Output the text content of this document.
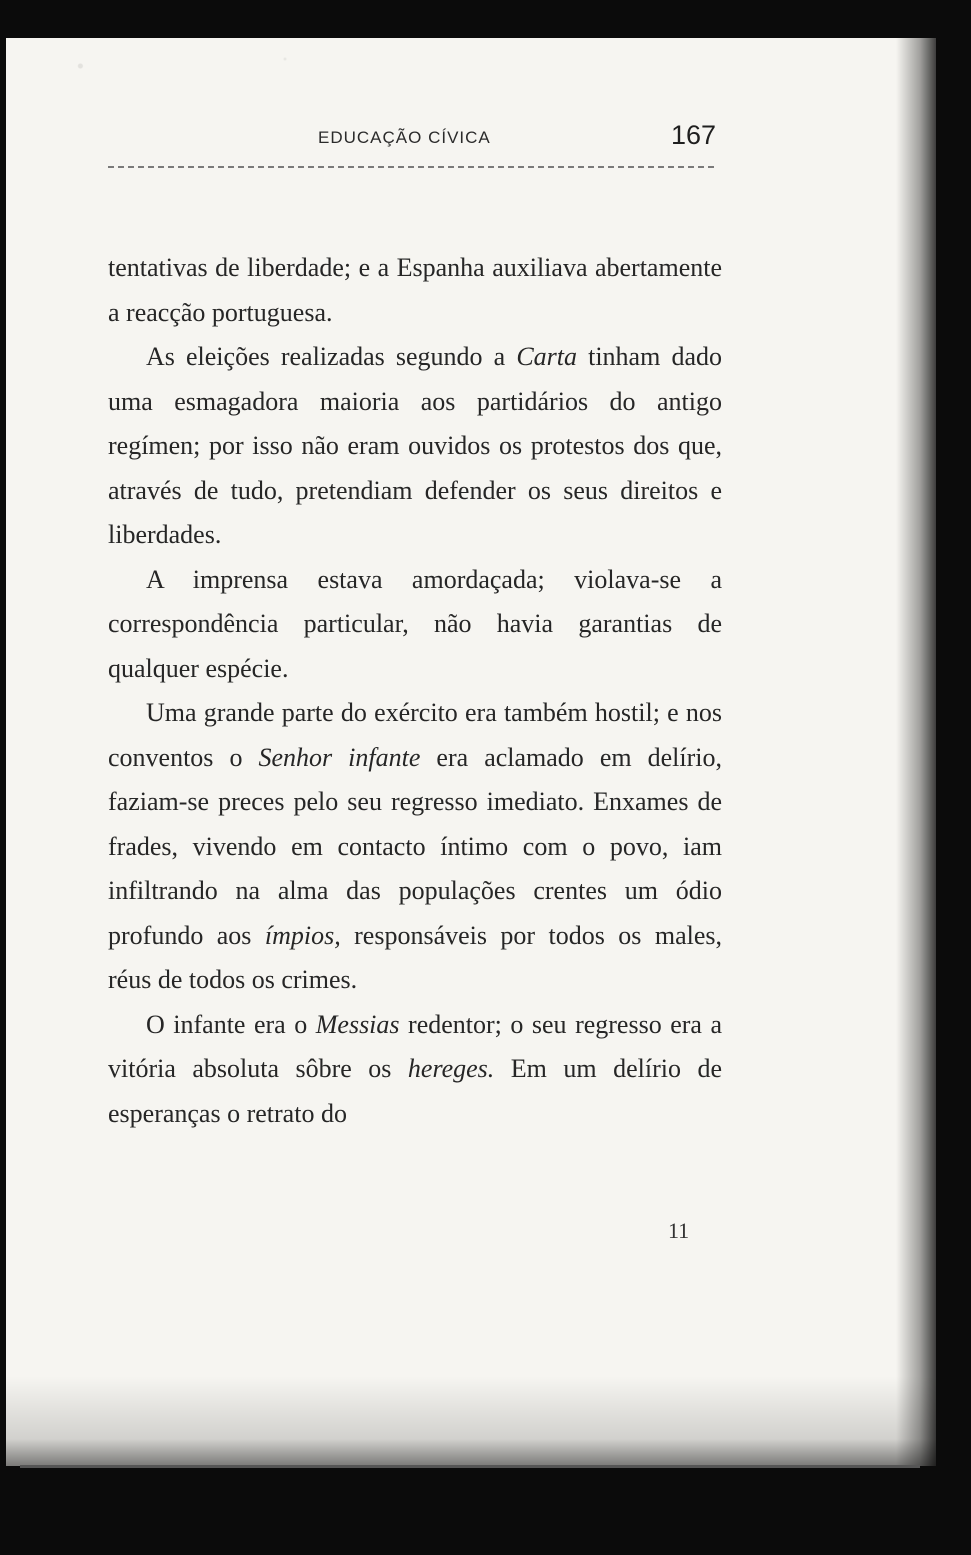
EDUCAÇÃO CÍVICA	167

tentativas de liberdade; e a Espanha auxiliava abertamente a reacção portuguesa.

As eleições realizadas segundo a Carta tinham dado uma esmagadora maioria aos partidários do antigo regímen; por isso não eram ouvidos os protestos dos que, através de tudo, pretendiam defender os seus direitos e liberdades.

A imprensa estava amordaçada; violava-se a correspondência particular, não havia garantias de qualquer espécie.

Uma grande parte do exército era também hostil; e nos conventos o Senhor infante era aclamado em delírio, faziam-se preces pelo seu regresso imediato. Enxames de frades, vivendo em contacto íntimo com o povo, iam infiltrando na alma das populações crentes um ódio profundo aos ímpios, responsáveis por todos os males, réus de todos os crimes.

O infante era o Messias redentor; o seu regresso era a vitória absoluta sôbre os hereges. Em um delírio de esperanças o retrato do

11
